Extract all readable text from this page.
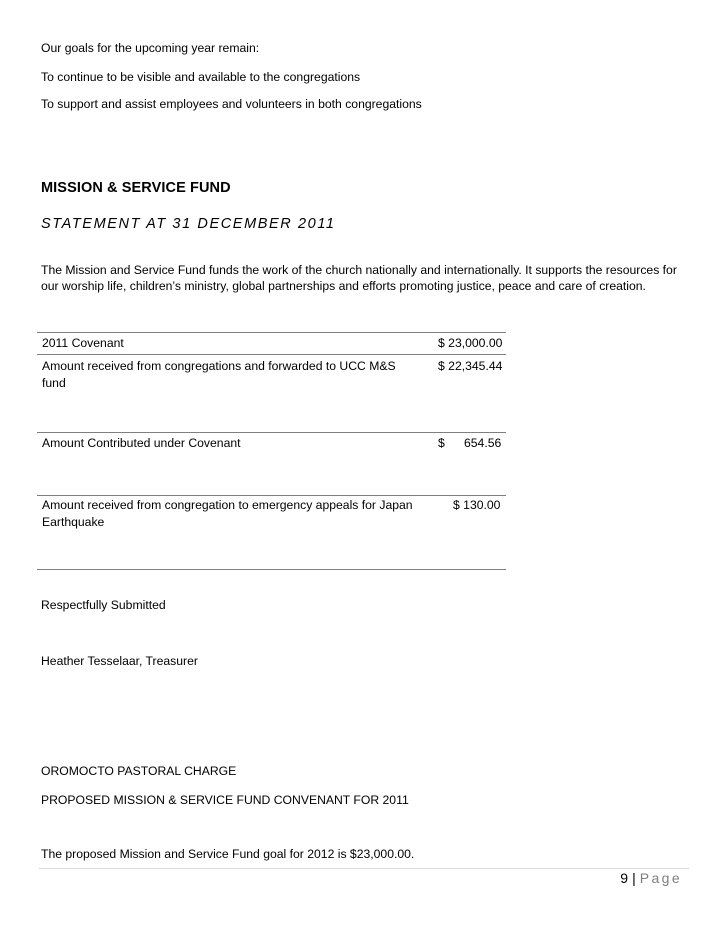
Our goals for the upcoming year remain:
To continue to be visible and available to the congregations
To support and assist employees and volunteers in both congregations
MISSION & SERVICE FUND
STATEMENT AT 31 DECEMBER 2011
The Mission and Service Fund funds the work of the church nationally and internationally. It supports the resources for
our worship life, children’s ministry, global partnerships and efforts promoting justice, peace and care of creation.
2011 Covenant	$ 23,000.00
Amount received from congregations and forwarded to UCC M&S
fund
$ 22,345.44
Amount Contributed under Covenant	$ 654.56
Amount received from congregation to emergency appeals for Japan
Earthquake
$ 130.00
Respectfully Submitted
Heather Tesselaar, Treasurer
OROMOCTO PASTORAL CHARGE
PROPOSED MISSION & SERVICE FUND CONVENANT FOR 2011
The proposed Mission and Service Fund goal for 2012 is $23,000.00.
9 | Page
